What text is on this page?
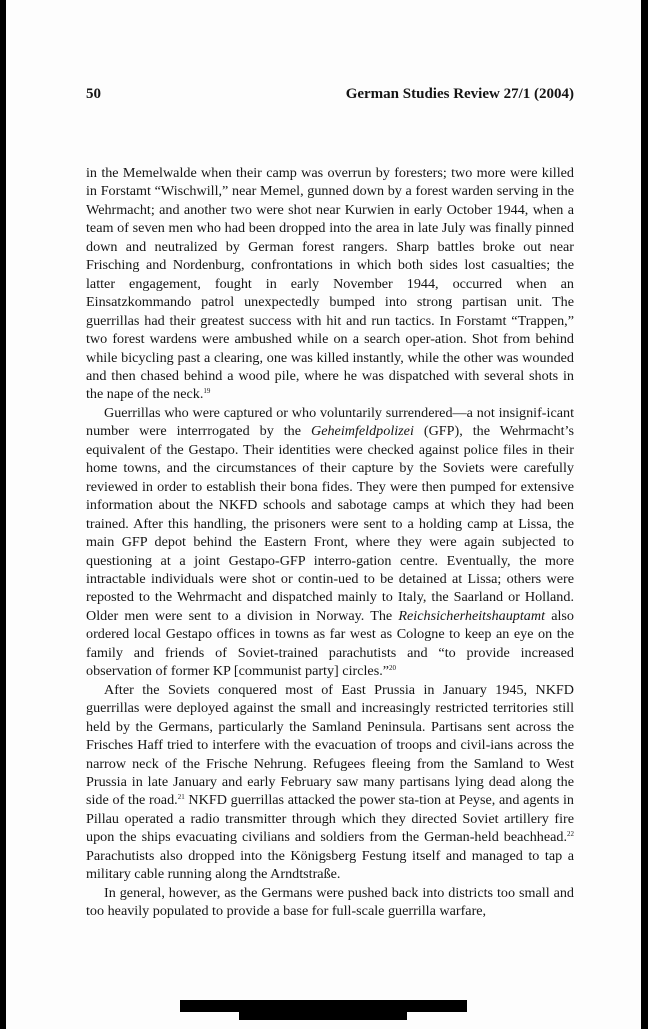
50	German Studies Review 27/1 (2004)

in the Memelwalde when their camp was overrun by foresters; two more were killed in Forstamt “Wischwill,” near Memel, gunned down by a forest warden serving in the Wehrmacht; and another two were shot near Kurwien in early October 1944, when a team of seven men who had been dropped into the area in late July was finally pinned down and neutralized by German forest rangers. Sharp battles broke out near Frisching and Nordenburg, confrontations in which both sides lost casualties; the latter engagement, fought in early November 1944, occurred when an Einsatzkommando patrol unexpectedly bumped into strong partisan unit. The guerrillas had their greatest success with hit and run tactics. In Forstamt “Trappen,” two forest wardens were ambushed while on a search oper-ation. Shot from behind while bicycling past a clearing, one was killed instantly, while the other was wounded and then chased behind a wood pile, where he was dispatched with several shots in the nape of the neck.$^{19}$

Guerrillas who were captured or who voluntarily surrendered—a not insignif-icant number were interrrogated by the Geheimfeldpolizei (GFP), the Wehrmacht’s equivalent of the Gestapo. Their identities were checked against police files in their home towns, and the circumstances of their capture by the Soviets were carefully reviewed in order to establish their bona fides. They were then pumped for extensive information about the NKFD schools and sabotage camps at which they had been trained. After this handling, the prisoners were sent to a holding camp at Lissa, the main GFP depot behind the Eastern Front, where they were again subjected to questioning at a joint Gestapo-GFP interro-gation centre. Eventually, the more intractable individuals were shot or contin-ued to be detained at Lissa; others were reposted to the Wehrmacht and dispatched mainly to Italy, the Saarland or Holland. Older men were sent to a division in Norway. The Reichsicherheitshauptamt also ordered local Gestapo offices in towns as far west as Cologne to keep an eye on the family and friends of Soviet-trained parachutists and “to provide increased observation of former KP [communist party] circles.”$^{20}$

After the Soviets conquered most of East Prussia in January 1945, NKFD guerrillas were deployed against the small and increasingly restricted territories still held by the Germans, particularly the Samland Peninsula. Partisans sent across the Frisches Haff tried to interfere with the evacuation of troops and civil-ians across the narrow neck of the Frische Nehrung. Refugees fleeing from the Samland to West Prussia in late January and early February saw many partisans lying dead along the side of the road.$^{21}$ NKFD guerrillas attacked the power sta-tion at Peyse, and agents in Pillau operated a radio transmitter through which they directed Soviet artillery fire upon the ships evacuating civilians and soldiers from the German-held beachhead.$^{22}$ Parachutists also dropped into the Königsberg Festung itself and managed to tap a military cable running along the Arndtstraße.

In general, however, as the Germans were pushed back into districts too small and too heavily populated to provide a base for full-scale guerrilla warfare,
